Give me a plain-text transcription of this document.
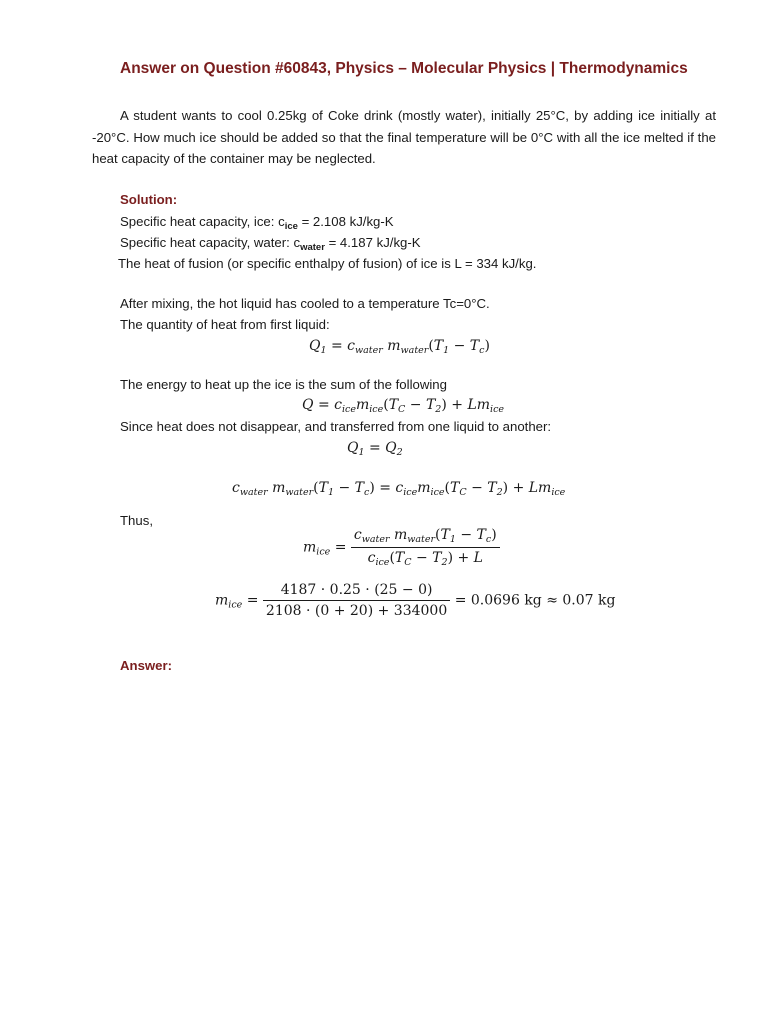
Answer on Question #60843, Physics – Molecular Physics | Thermodynamics
A student wants to cool 0.25kg of Coke drink (mostly water), initially 25°C, by adding ice initially at -20°C. How much ice should be added so that the final temperature will be 0°C with all the ice melted if the heat capacity of the container may be neglected.
Solution:
Specific heat capacity, ice: $c_{ice} = 2.108$ kJ/kg-K
Specific heat capacity, water: $c_{water} = 4.187$ kJ/kg-K
The heat of fusion (or specific enthalpy of fusion) of ice is L = 334 kJ/kg.
After mixing, the hot liquid has cooled to a temperature Tc=0°C.
The quantity of heat from first liquid:
$Q_1 = c_{water}$ $m_{water}(T_1 - T_c)$
The energy to heat up the ice is the sum of the following
$Q = c_{ice}m_{ice}(T_C - T_2) + Lm_{ice}$
Since heat does not disappear, and transferred from one liquid to another:
$Q_1 = Q_2$
$c_{water}$ $m_{water}(T_1 - T_c) = c_{ice}m_{ice}(T_C - T_2) + Lm_{ice}$
Thus,
$m_{ice} = \frac{c_{water} m_{water}(T_1 - T_c)}{c_{ice}(T_C - T_2) + L}$
$m_{ice} = \frac{4187 \cdot 0.25 \cdot (25 - 0)}{2108 \cdot (0 + 20) + 334000} = 0.0696$ kg ≈ 0.07 kg
Answer:
